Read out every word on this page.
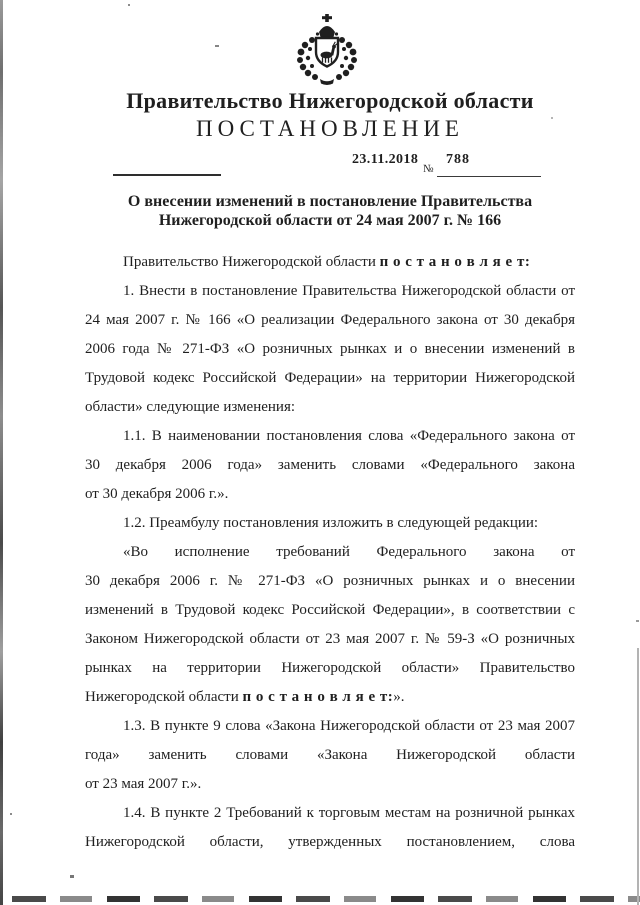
Правительство Нижегородской области
ПОСТАНОВЛЕНИЕ
23.11.2018
№
788
О внесении изменений в постановление Правительства
Нижегородской области от 24 мая 2007 г. № 166
Правительство Нижегородской области п о с т а н о в л я е т:
1. Внести в постановление Правительства Нижегородской области от
24 мая 2007 г. № 166 «О реализации Федерального закона от 30 декабря
2006 года № 271-ФЗ «О розничных рынках и о внесении изменений в
Трудовой кодекс Российской Федерации» на территории Нижегородской
области» следующие изменения:
1.1. В наименовании постановления слова «Федерального закона от
30 декабря 2006 года» заменить словами «Федерального закона
от 30 декабря 2006 г.».
1.2. Преамбулу постановления изложить в следующей редакции:
«Во исполнение требований Федерального закона от
30 декабря 2006 г. № 271-ФЗ «О розничных рынках и о внесении
изменений в Трудовой кодекс Российской Федерации», в соответствии с
Законом Нижегородской области от 23 мая 2007 г. № 59-З «О розничных
рынках на территории Нижегородской области» Правительство
Нижегородской области п о с т а н о в л я е т:».
1.3. В пункте 9 слова «Закона Нижегородской области от 23 мая 2007
года» заменить словами «Закона Нижегородской области
от 23 мая 2007 г.».
1.4. В пункте 2 Требований к торговым местам на розничной рынках
Нижегородской области, утвержденных постановлением, слова
